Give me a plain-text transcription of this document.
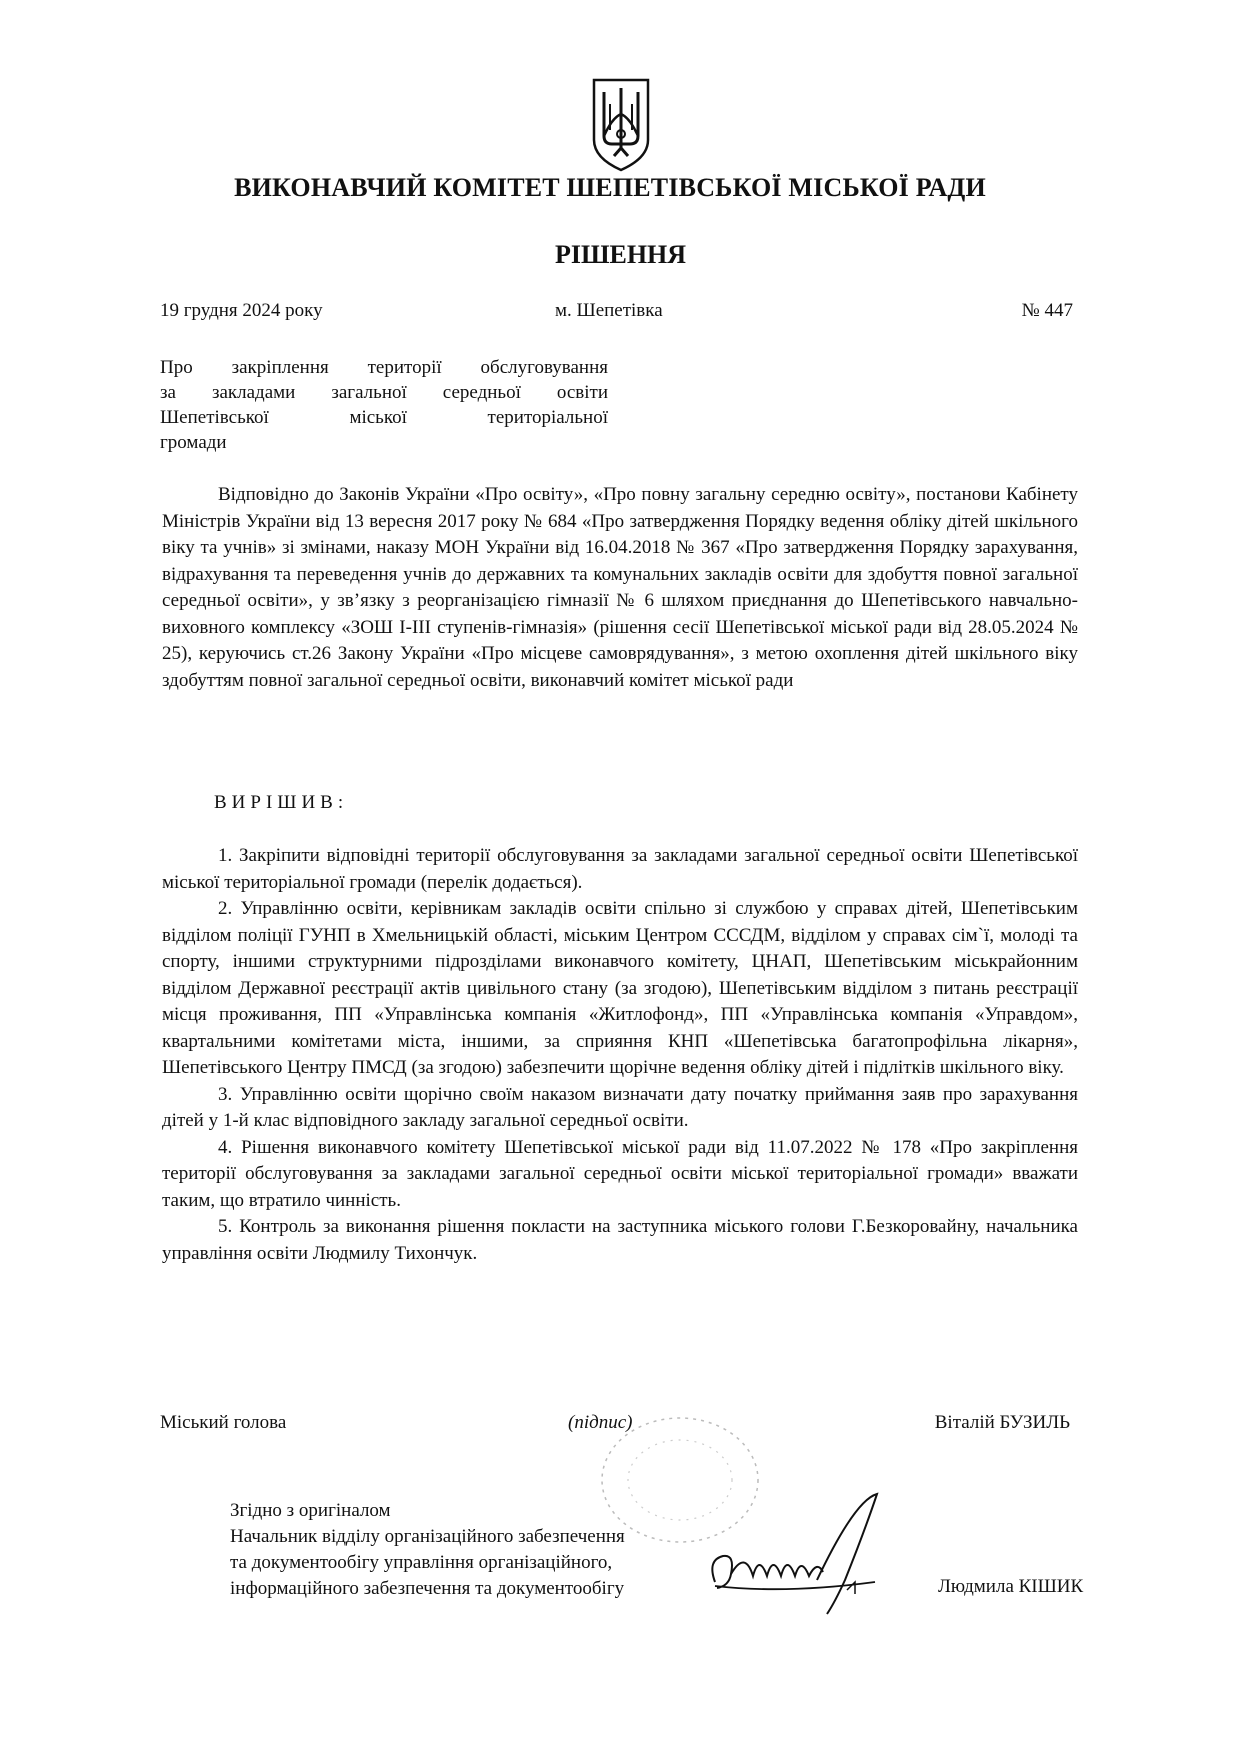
ВИКОНАВЧИЙ КОМІТЕТ ШЕПЕТІВСЬКОЇ МІСЬКОЇ РАДИ
РІШЕННЯ
19 грудня 2024 року	м. Шепетівка	№ 447
Про закріплення території обслуговування
за закладами загальної середньої освіти
Шепетівської міської територіальної
громади

Відповідно до Законів України «Про освіту», «Про повну загальну середню освіту», постанови Кабінету Міністрів України від 13 вересня 2017 року № 684 «Про затвердження Порядку ведення обліку дітей шкільного віку та учнів» зі змінами, наказу МОН України від 16.04.2018 № 367 «Про затвердження Порядку зарахування, відрахування та переведення учнів до державних та комунальних закладів освіти для здобуття повної загальної середньої освіти», у зв’язку з реорганізацією гімназії № 6 шляхом приєднання до Шепетівського навчально-виховного комплексу «ЗОШ І-ІІІ ступенів-гімназія» (рішення сесії Шепетівської міської ради від 28.05.2024 № 25), керуючись ст.26 Закону України «Про місцеве самоврядування», з метою охоплення дітей шкільного віку здобуттям повної загальної середньої освіти, виконавчий комітет міської ради

ВИРІШИВ:

1. Закріпити відповідні території обслуговування за закладами загальної середньої освіти Шепетівської міської територіальної громади (перелік додається).

2. Управлінню освіти, керівникам закладів освіти спільно зі службою у справах дітей, Шепетівським відділом поліції ГУНП в Хмельницькій області, міським Центром СССДМ, відділом у справах сім`ї, молоді та спорту, іншими структурними підрозділами виконавчого комітету, ЦНАП, Шепетівським міськрайонним відділом Державної реєстрації актів цивільного стану (за згодою), Шепетівським відділом з питань реєстрації місця проживання, ПП «Управлінська компанія «Житлофонд», ПП «Управлінська компанія «Управдом», квартальними комітетами міста, іншими, за сприяння КНП «Шепетівська багатопрофільна лікарня», Шепетівського Центру ПМСД (за згодою) забезпечити щорічне ведення обліку дітей і підлітків шкільного віку.

3. Управлінню освіти щорічно своїм наказом визначати дату початку приймання заяв про зарахування дітей у 1-й клас відповідного закладу загальної середньої освіти.

4. Рішення виконавчого комітету Шепетівської міської ради від 11.07.2022 № 178 «Про закріплення території обслуговування за закладами загальної середньої освіти міської територіальної громади» вважати таким, що втратило чинність.

5. Контроль за виконання рішення покласти на заступника міського голови Г.Безкоровайну, начальника управління освіти Людмилу Тихончук.

Міський голова	(підпис)	Віталій БУЗИЛЬ
Згідно з оригіналом
Начальник відділу організаційного забезпечення
та документообігу управління організаційного,
інформаційного забезпечення та документообігу	Людмила КІШИК
